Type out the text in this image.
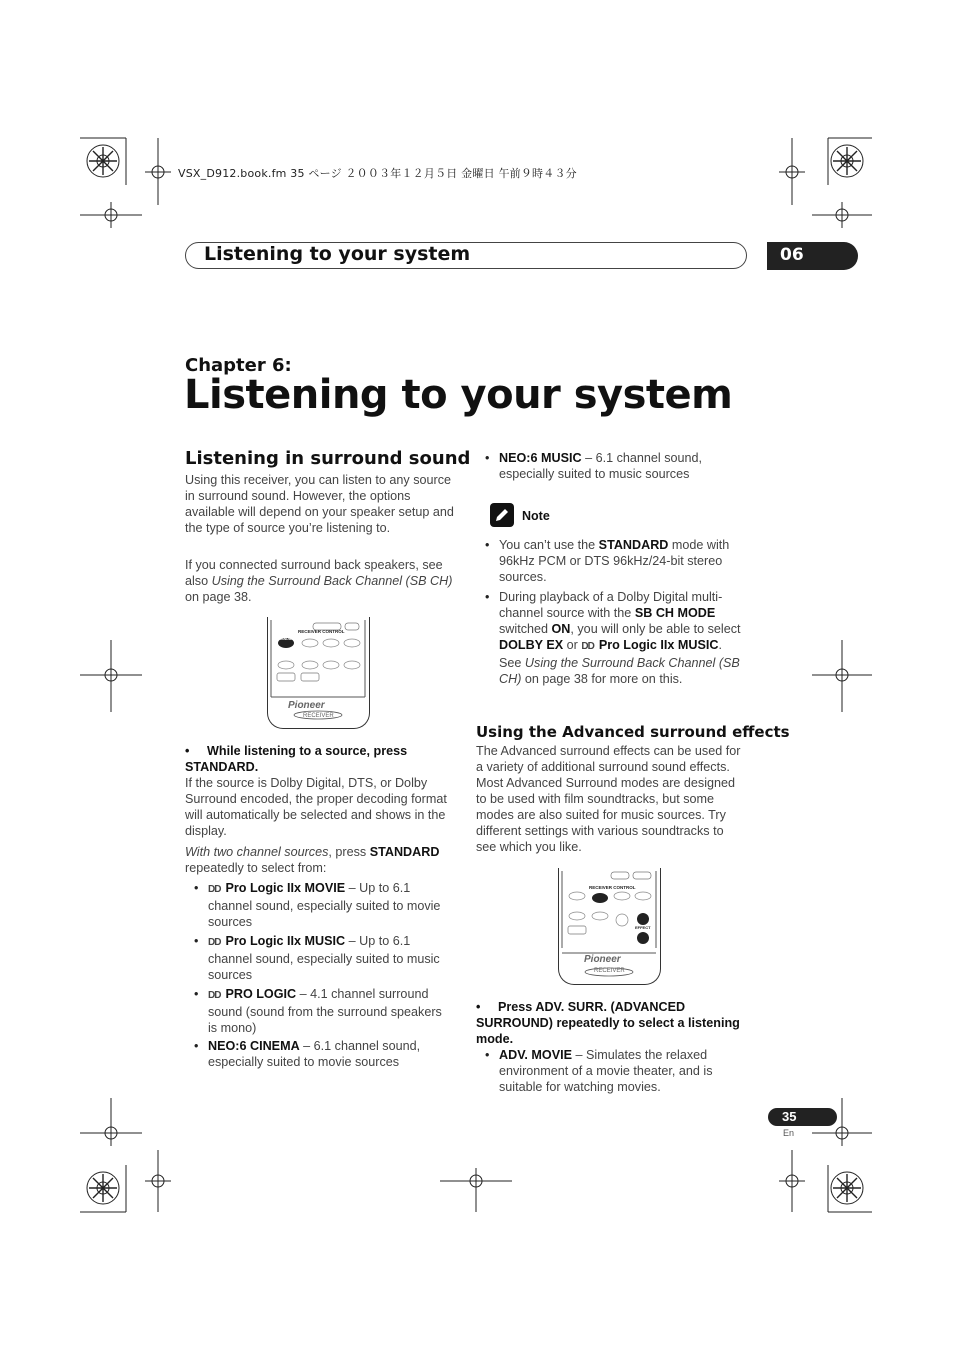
VSX_D912.book.fm 35 ページ ２００３年１２月５日 金曜日 午前９時４３分
Listening to your system	06
Chapter 6:
Listening to your system
Listening in surround sound
Using this receiver, you can listen to any source in surround sound. However, the options available will depend on your speaker setup and the type of source you’re listening to.
If you connected surround back speakers, see also Using the Surround Back Channel (SB CH) on page 38.
RECEIVER CONTROL
STANDARD
Pioneer
RECEIVER
• While listening to a source, press STANDARD.
If the source is Dolby Digital, DTS, or Dolby Surround encoded, the proper decoding format will automatically be selected and shows in the display.
With two channel sources, press STANDARD repeatedly to select from:
• DD Pro Logic IIx MOVIE – Up to 6.1 channel sound, especially suited to movie sources
• DD Pro Logic IIx MUSIC – Up to 6.1 channel sound, especially suited to music sources
• DD PRO LOGIC – 4.1 channel surround sound (sound from the surround speakers is mono)
• NEO:6 CINEMA – 6.1 channel sound, especially suited to movie sources
• NEO:6 MUSIC – 6.1 channel sound, especially suited to music sources
Note
• You can’t use the STANDARD mode with 96kHz PCM or DTS 96kHz/24-bit stereo sources.
• During playback of a Dolby Digital multi-channel source with the SB CH MODE switched ON, you will only be able to select DOLBY EX or DD Pro Logic IIx MUSIC. See Using the Surround Back Channel (SB CH) on page 38 for more on this.
Using the Advanced surround effects
The Advanced surround effects can be used for a variety of additional surround sound effects. Most Advanced Surround modes are designed to be used with film soundtracks, but some modes are also suited for music sources. Try different settings with various soundtracks to see which you like.
RECEIVER CONTROL
EFFECT
Pioneer
RECEIVER
• Press ADV. SURR. (ADVANCED SURROUND) repeatedly to select a listening mode.
• ADV. MOVIE – Simulates the relaxed environment of a movie theater, and is suitable for watching movies.
35
En
